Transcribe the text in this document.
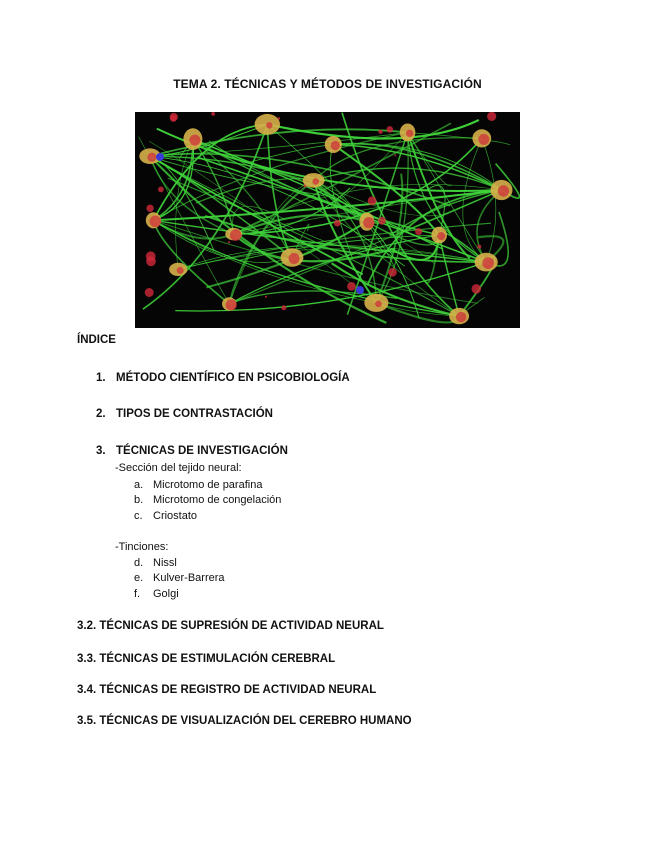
TEMA 2. TÉCNICAS Y MÉTODOS DE INVESTIGACIÓN
ÍNDICE
1. MÉTODO CIENTÍFICO EN PSICOBIOLOGÍA
2. TIPOS DE CONTRASTACIÓN
3. TÉCNICAS DE INVESTIGACIÓN
-Sección del tejido neural:
a. Microtomo de parafina
b. Microtomo de congelación
c. Criostato
-Tinciones:
d. Nissl
e. Kulver-Barrera
f. Golgi
3.2. TÉCNICAS DE SUPRESIÓN DE ACTIVIDAD NEURAL
3.3. TÉCNICAS DE ESTIMULACIÓN CEREBRAL
3.4. TÉCNICAS DE REGISTRO DE ACTIVIDAD NEURAL
3.5. TÉCNICAS DE VISUALIZACIÓN DEL CEREBRO HUMANO
